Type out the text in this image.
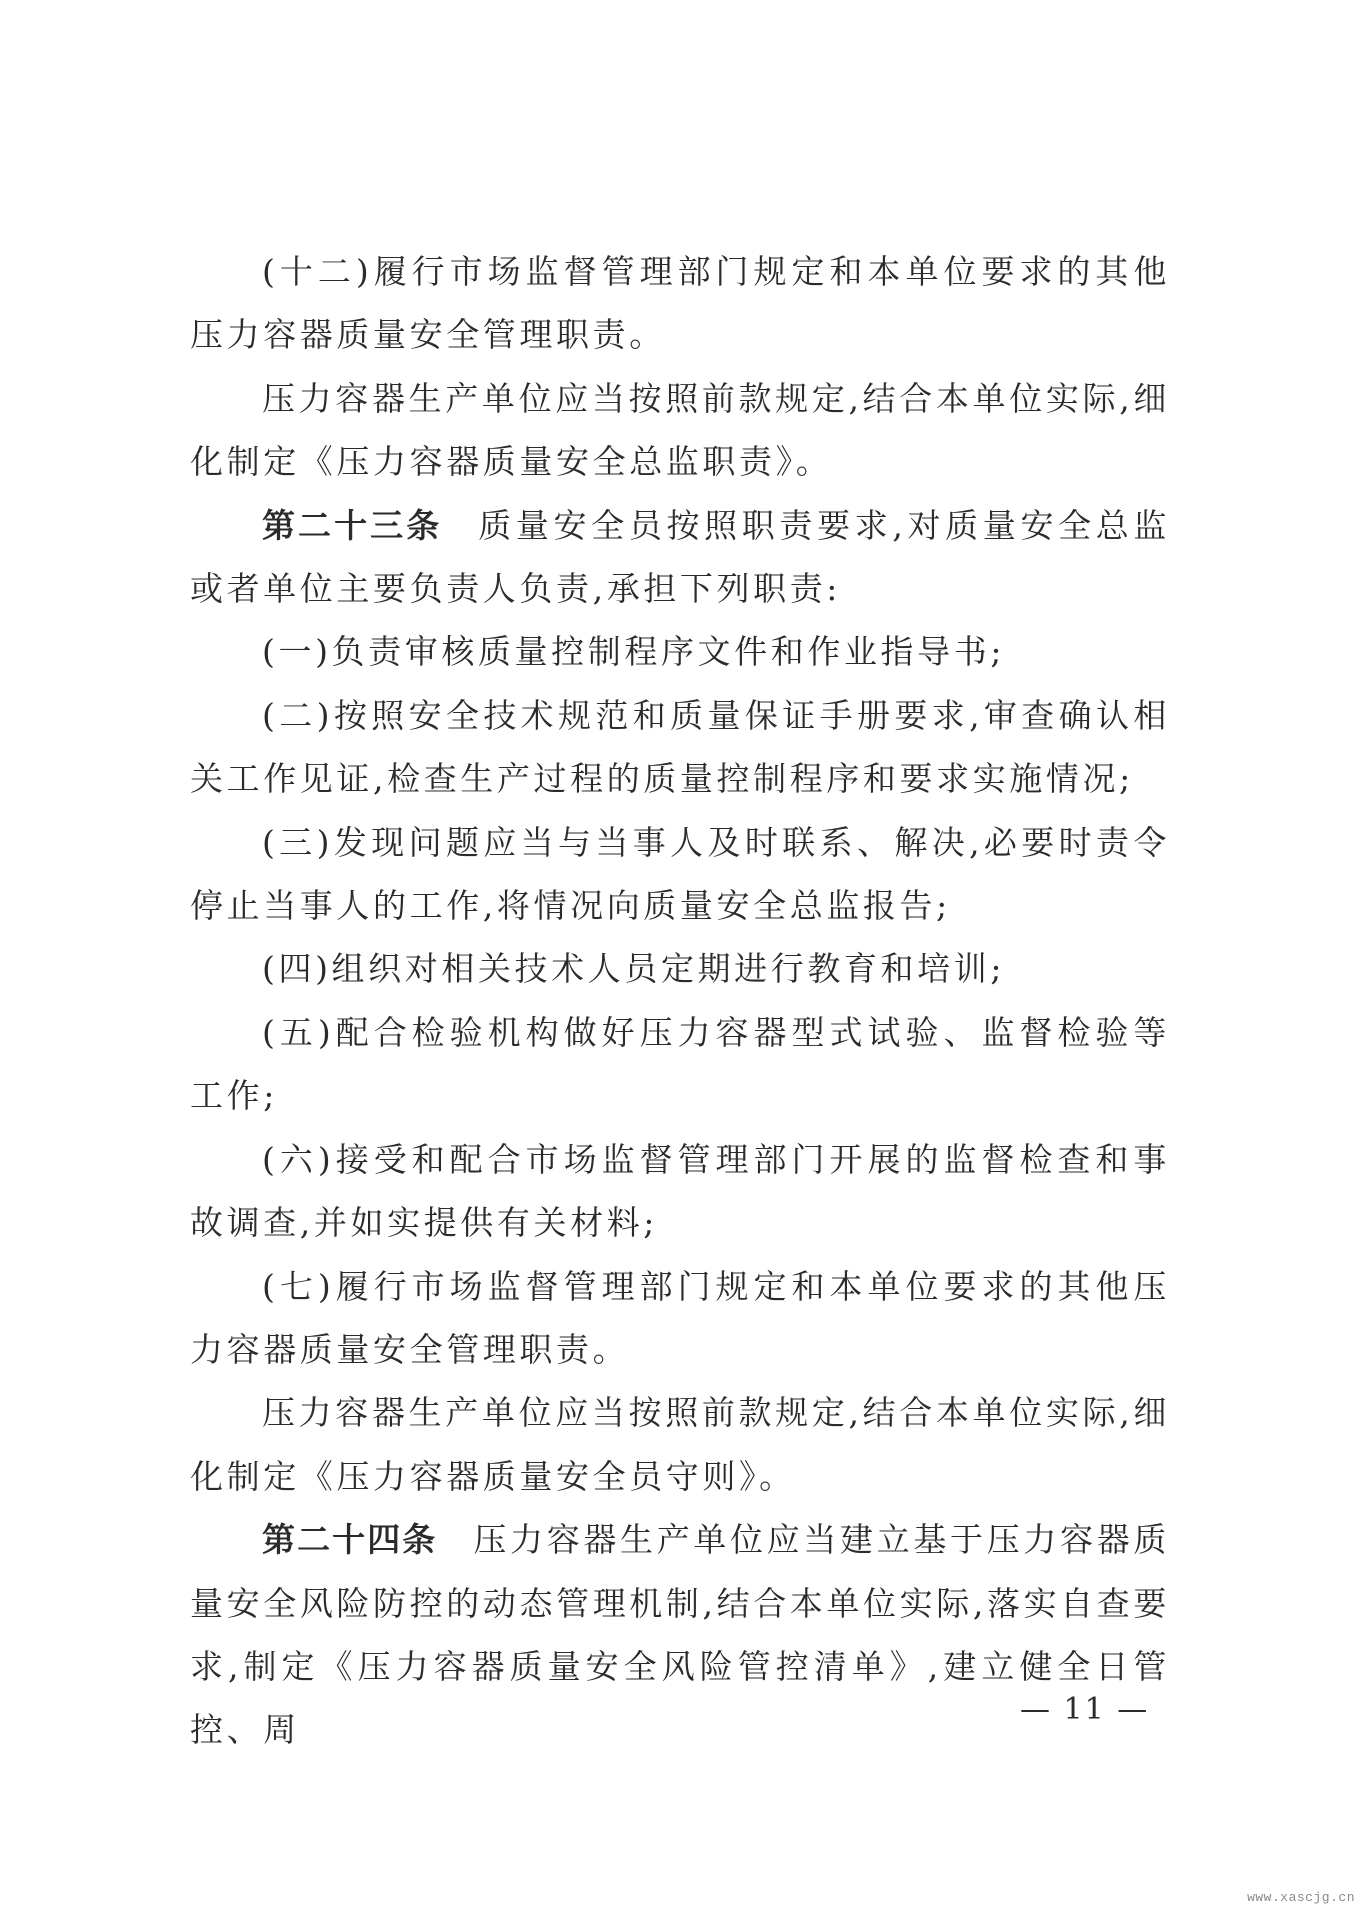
(十二)履行市场监督管理部门规定和本单位要求的其他压力容器质量安全管理职责。

压力容器生产单位应当按照前款规定,结合本单位实际,细化制定《压力容器质量安全总监职责》。

第二十三条 质量安全员按照职责要求,对质量安全总监或者单位主要负责人负责,承担下列职责:

(一)负责审核质量控制程序文件和作业指导书;

(二)按照安全技术规范和质量保证手册要求,审查确认相关工作见证,检查生产过程的质量控制程序和要求实施情况;

(三)发现问题应当与当事人及时联系、解决,必要时责令停止当事人的工作,将情况向质量安全总监报告;

(四)组织对相关技术人员定期进行教育和培训;

(五)配合检验机构做好压力容器型式试验、监督检验等工作;

(六)接受和配合市场监督管理部门开展的监督检查和事故调查,并如实提供有关材料;

(七)履行市场监督管理部门规定和本单位要求的其他压力容器质量安全管理职责。

压力容器生产单位应当按照前款规定,结合本单位实际,细化制定《压力容器质量安全员守则》。

第二十四条 压力容器生产单位应当建立基于压力容器质量安全风险防控的动态管理机制,结合本单位实际,落实自查要求,制定《压力容器质量安全风险管控清单》,建立健全日管控、周

— 11 —
www.xascjg.cn
